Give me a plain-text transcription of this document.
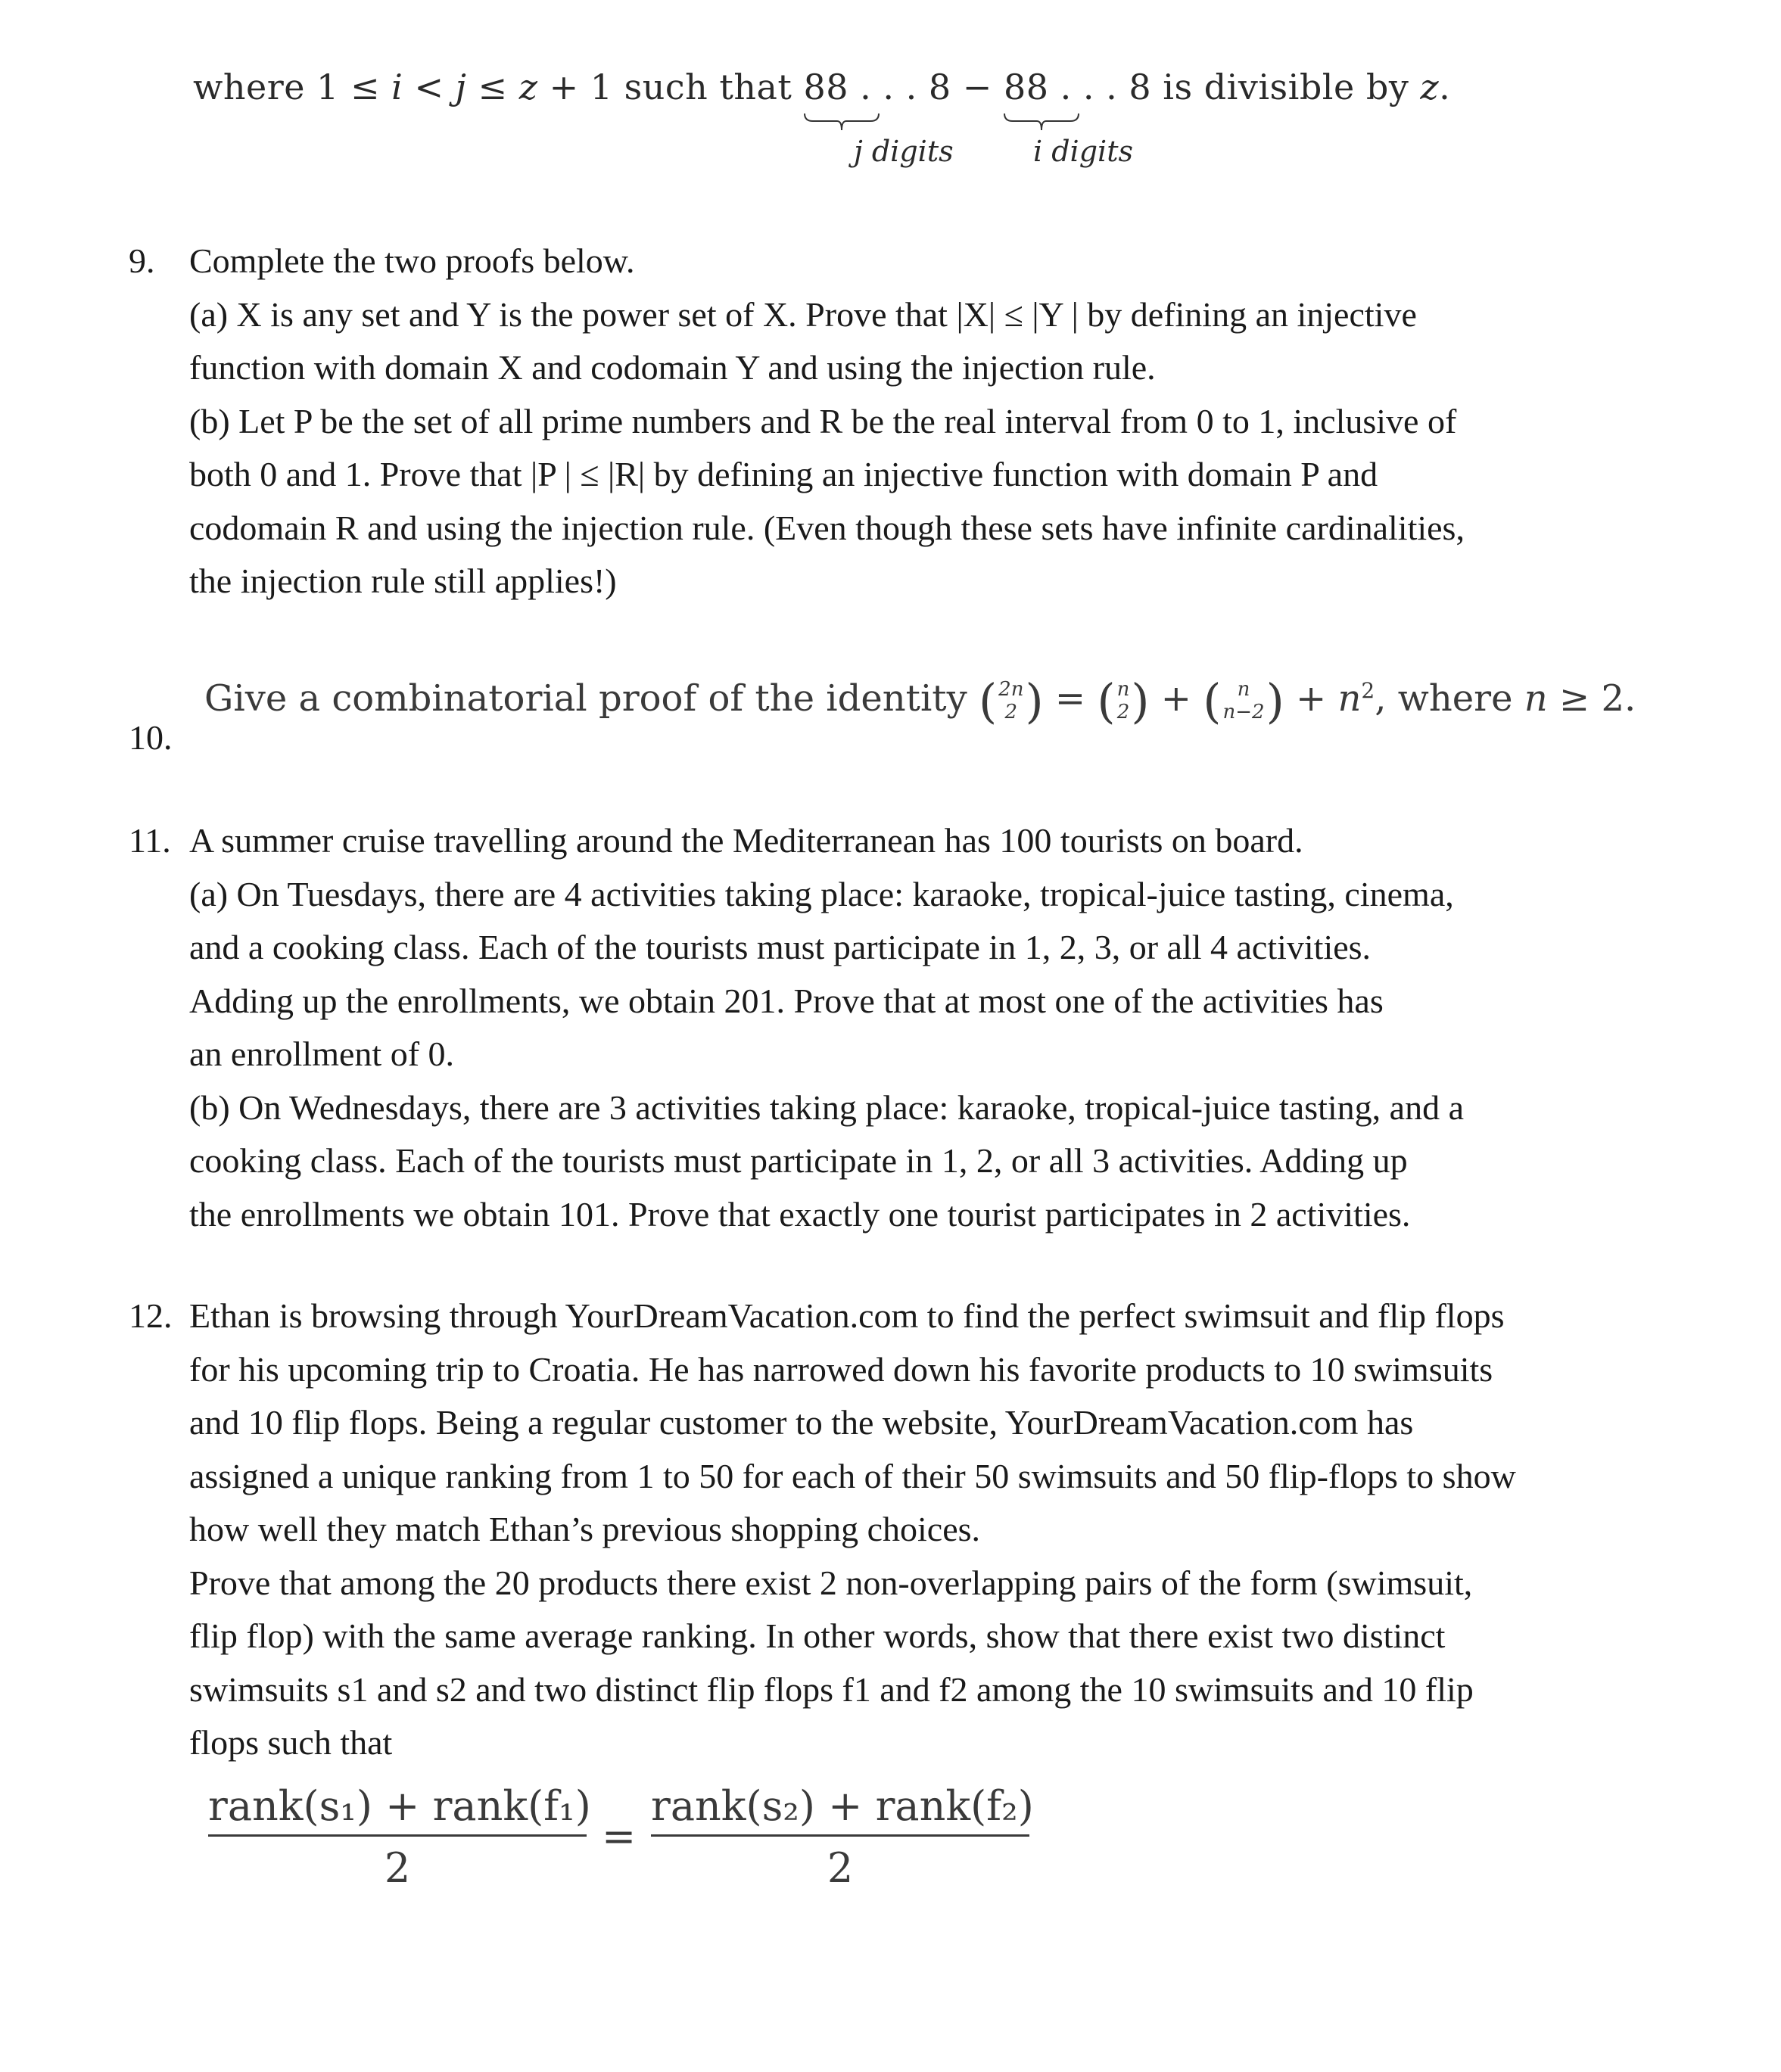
where 1 ≤ i < j ≤ z + 1 such that 88 . . . 8
− 88 . . . 8
is divisible by z.
j digits	i digits
9. Complete the two proofs below.
(a) X is any set and Y is the power set of X. Prove that |X| ≤ |Y | by defining an injective
function with domain X and codomain Y and using the injection rule.
(b) Let P be the set of all prime numbers and R be the real interval from 0 to 1, inclusive of
both 0 and 1. Prove that |P | ≤ |R| by defining an injective function with domain P and
codomain R and using the injection rule. (Even though these sets have infinite cardinalities,
the injection rule still applies!)
10.
Give a combinatorial proof of the identity ( 2n
2 ) = ( n
2 ) + ( n
n−2 ) + $n^2$, where n ≥ 2.
11. A summer cruise travelling around the Mediterranean has 100 tourists on board.
(a) On Tuesdays, there are 4 activities taking place: karaoke, tropical-juice tasting, cinema,
and a cooking class. Each of the tourists must participate in 1, 2, 3, or all 4 activities.
Adding up the enrollments, we obtain 201. Prove that at most one of the activities has
an enrollment of 0.
(b) On Wednesdays, there are 3 activities taking place: karaoke, tropical-juice tasting, and a
cooking class. Each of the tourists must participate in 1, 2, or all 3 activities. Adding up
the enrollments we obtain 101. Prove that exactly one tourist participates in 2 activities.
12. Ethan is browsing through YourDreamVacation.com to find the perfect swimsuit and flip flops
for his upcoming trip to Croatia. He has narrowed down his favorite products to 10 swimsuits
and 10 flip flops. Being a regular customer to the website, YourDreamVacation.com has
assigned a unique ranking from 1 to 50 for each of their 50 swimsuits and 50 flip-flops to show
how well they match Ethan’s previous shopping choices.
Prove that among the 20 products there exist 2 non-overlapping pairs of the form (swimsuit,
flip flop) with the same average ranking. In other words, show that there exist two distinct
swimsuits s1 and s2 and two distinct flip flops f1 and f2 among the 10 swimsuits and 10 flip
flops such that
rank(s₁) + rank(f₁)
2
=
rank(s₂) + rank(f₂)
2
